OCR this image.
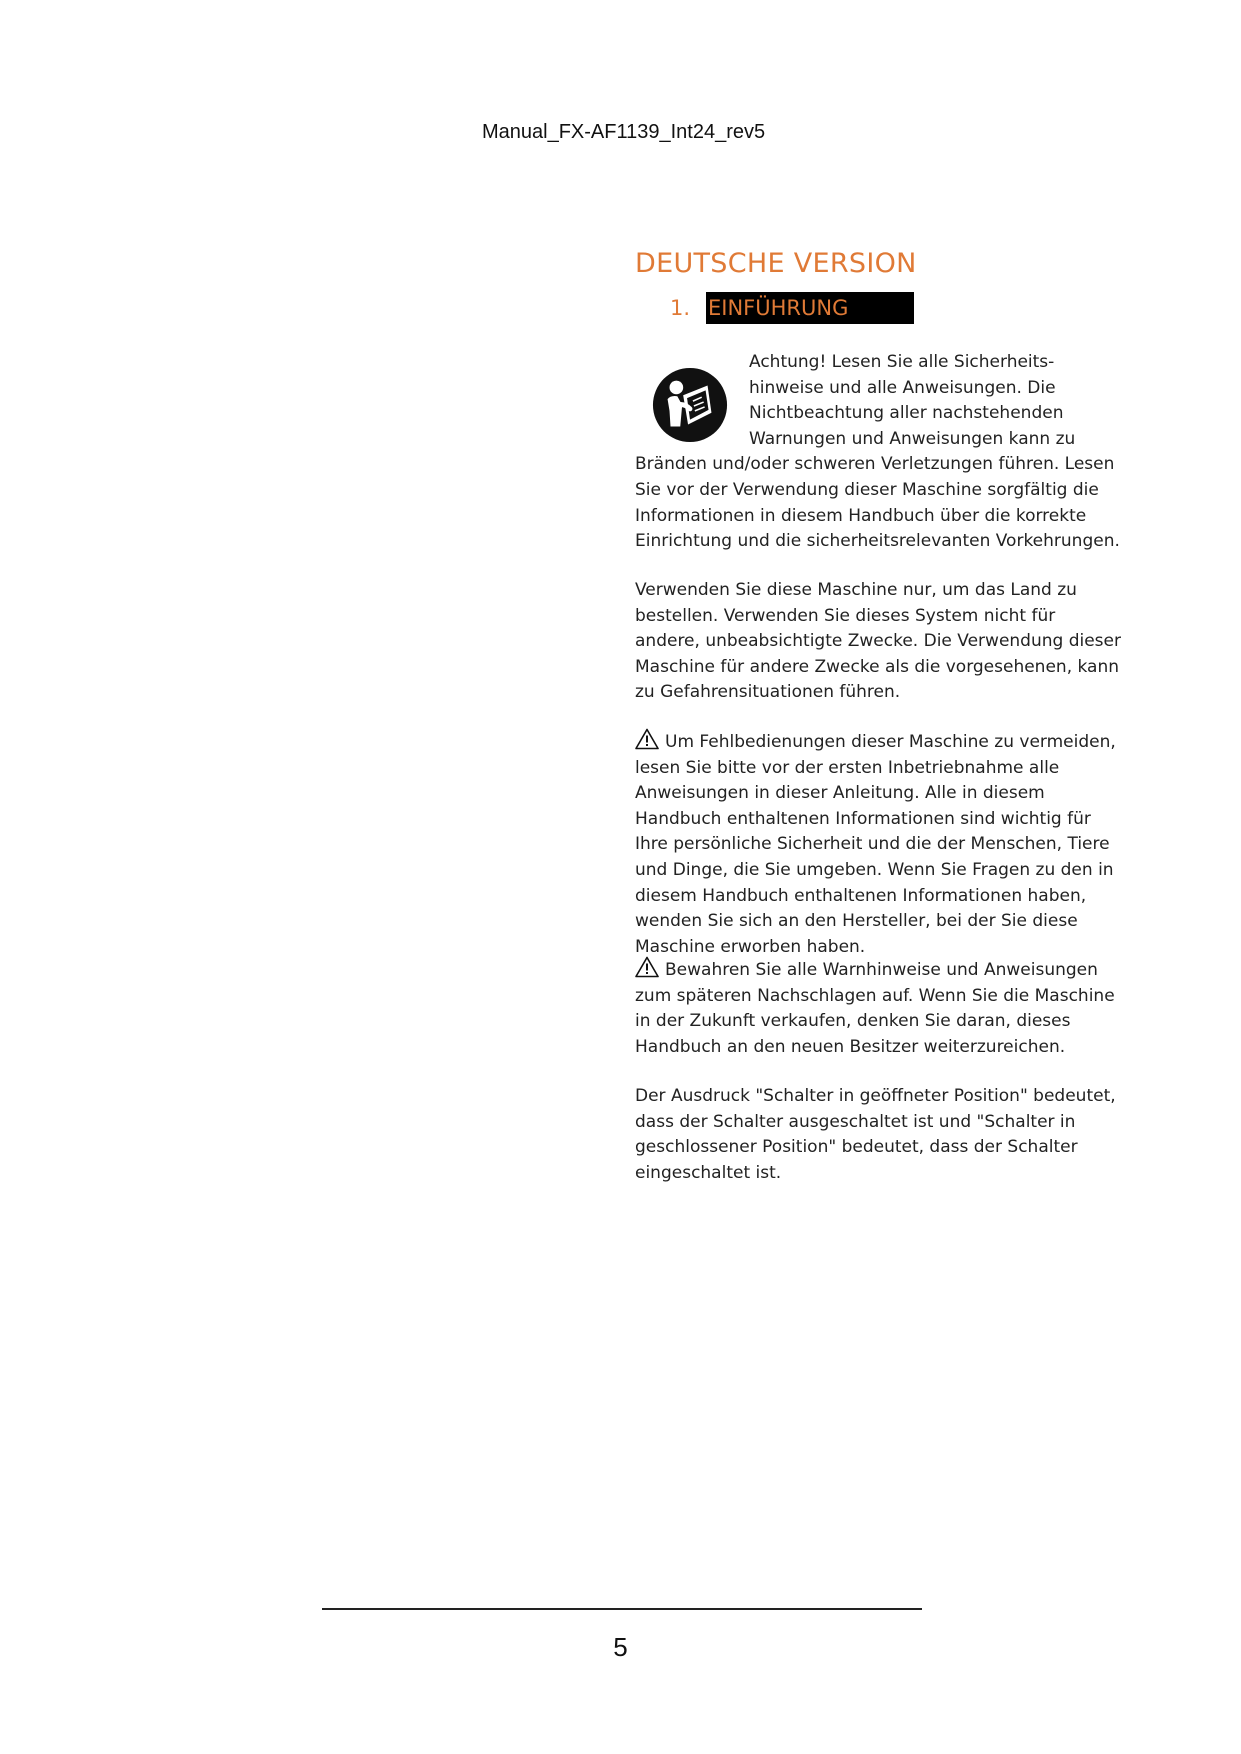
Manual_FX-AF1139_Int24_rev5
DEUTSCHE VERSION
1. EINFÜHRUNG

Achtung! Lesen Sie alle Sicherheits-hinweise und alle Anweisungen. Die Nichtbeachtung aller nachstehenden Warnungen und Anweisungen kann zu Bränden und/oder schweren Verletzungen führen. Lesen Sie vor der Verwendung dieser Maschine sorgfältig die Informationen in diesem Handbuch über die korrekte Einrichtung und die sicherheitsrelevanten Vorkehrungen.

Verwenden Sie diese Maschine nur, um das Land zu bestellen. Verwenden Sie dieses System nicht für andere, unbeabsichtigte Zwecke. Die Verwendung dieser Maschine für andere Zwecke als die vorgesehenen, kann zu Gefahrensituationen führen.

Um Fehlbedienungen dieser Maschine zu vermeiden, lesen Sie bitte vor der ersten Inbetriebnahme alle Anweisungen in dieser Anleitung. Alle in diesem Handbuch enthaltenen Informationen sind wichtig für Ihre persönliche Sicherheit und die der Menschen, Tiere und Dinge, die Sie umgeben. Wenn Sie Fragen zu den in diesem Handbuch enthaltenen Informationen haben, wenden Sie sich an den Hersteller, bei der Sie diese Maschine erworben haben.

Bewahren Sie alle Warnhinweise und Anweisungen zum späteren Nachschlagen auf. Wenn Sie die Maschine in der Zukunft verkaufen, denken Sie daran, dieses Handbuch an den neuen Besitzer weiterzureichen.

Der Ausdruck "Schalter in geöffneter Position" bedeutet, dass der Schalter ausgeschaltet ist und "Schalter in geschlossener Position" bedeutet, dass der Schalter eingeschaltet ist.

5
